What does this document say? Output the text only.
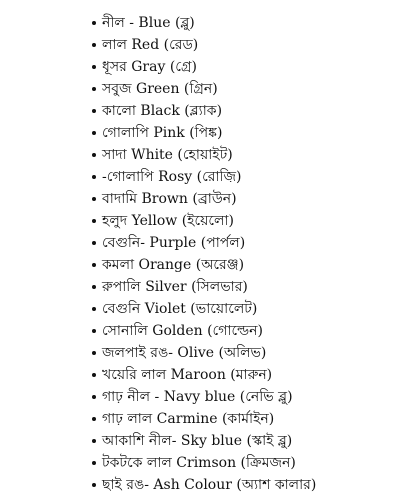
নীল - Blue (ব্লু)
লাল Red (রেড)
ধূসর Gray (গ্রে)
সবুজ Green (গ্রিন)
কালো Black (ব্ল্যাক)
গোলাপি Pink (পিঙ্ক)
সাদা White (হোয়াইট)
-গোলাপি Rosy (রোজ়ি)
বাদামি Brown (ব্রাউন)
হলুদ Yellow (ইয়েলো)
বেগুনি- Purple (পার্পল)
কমলা Orange (অরেঞ্জ)
রুপালি Silver (সিলভার)
বেগুনি Violet (ভায়োলেট)
সোনালি Golden (গোল্ডেন)
জলপাই রঙ- Olive (অলিভ)
খয়েরি লাল Maroon (মারুন)
গাঢ় নীল - Navy blue (নেভি ব্লু)
গাঢ় লাল Carmine (কার্মাইন)
আকাশি নীল- Sky blue (স্কাই ব্লু)
টকটকে লাল Crimson (ক্রিমজন)
ছাই রঙ- Ash Colour (অ্যাশ কালার)
